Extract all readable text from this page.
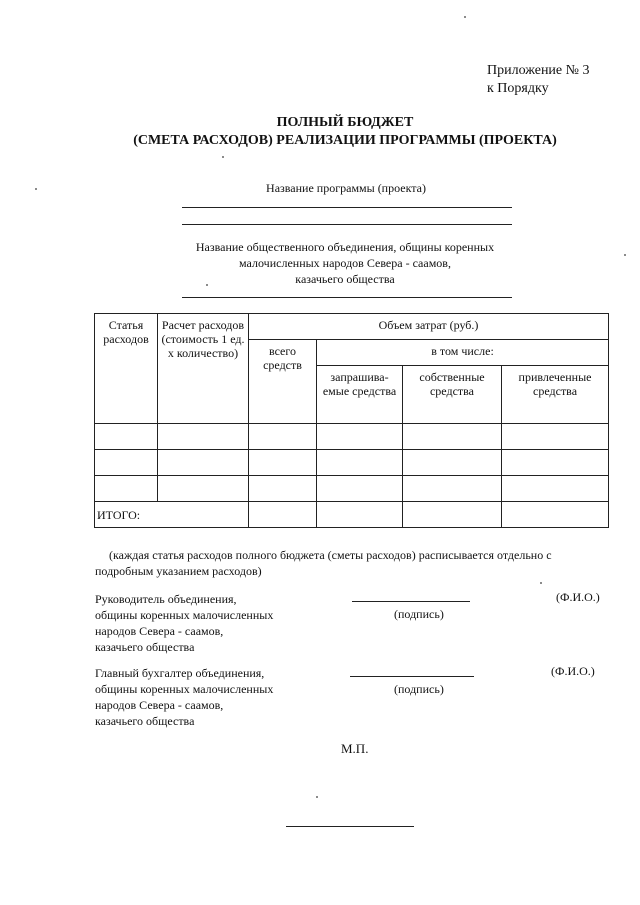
Приложение № 3
к Порядку
ПОЛНЫЙ БЮДЖЕТ
(СМЕТА РАСХОДОВ) РЕАЛИЗАЦИИ ПРОГРАММЫ (ПРОЕКТА)
Название программы (проекта)
Название общественного объединения, общины коренных
малочисленных народов Севера - саамов,
казачьего общества
Статья расходов	Расчет расходов (стоимость 1 ед. х количество)	Объем затрат (руб.)			
		всего средств	в том числе:		
			запрашива-емые средства	собственные средства	привлеченные средства

ИТОГО:					
(каждая статья расходов полного бюджета (сметы расходов) расписывается отдельно с
подробным указанием расходов)
Руководитель объединения,
общины коренных малочисленных
народов Севера - саамов,
казачьего общества
(подпись)
(Ф.И.О.)
Главный бухгалтер объединения,
общины коренных малочисленных
народов Севера - саамов,
казачьего общества
(подпись)
(Ф.И.О.)
М.П.
